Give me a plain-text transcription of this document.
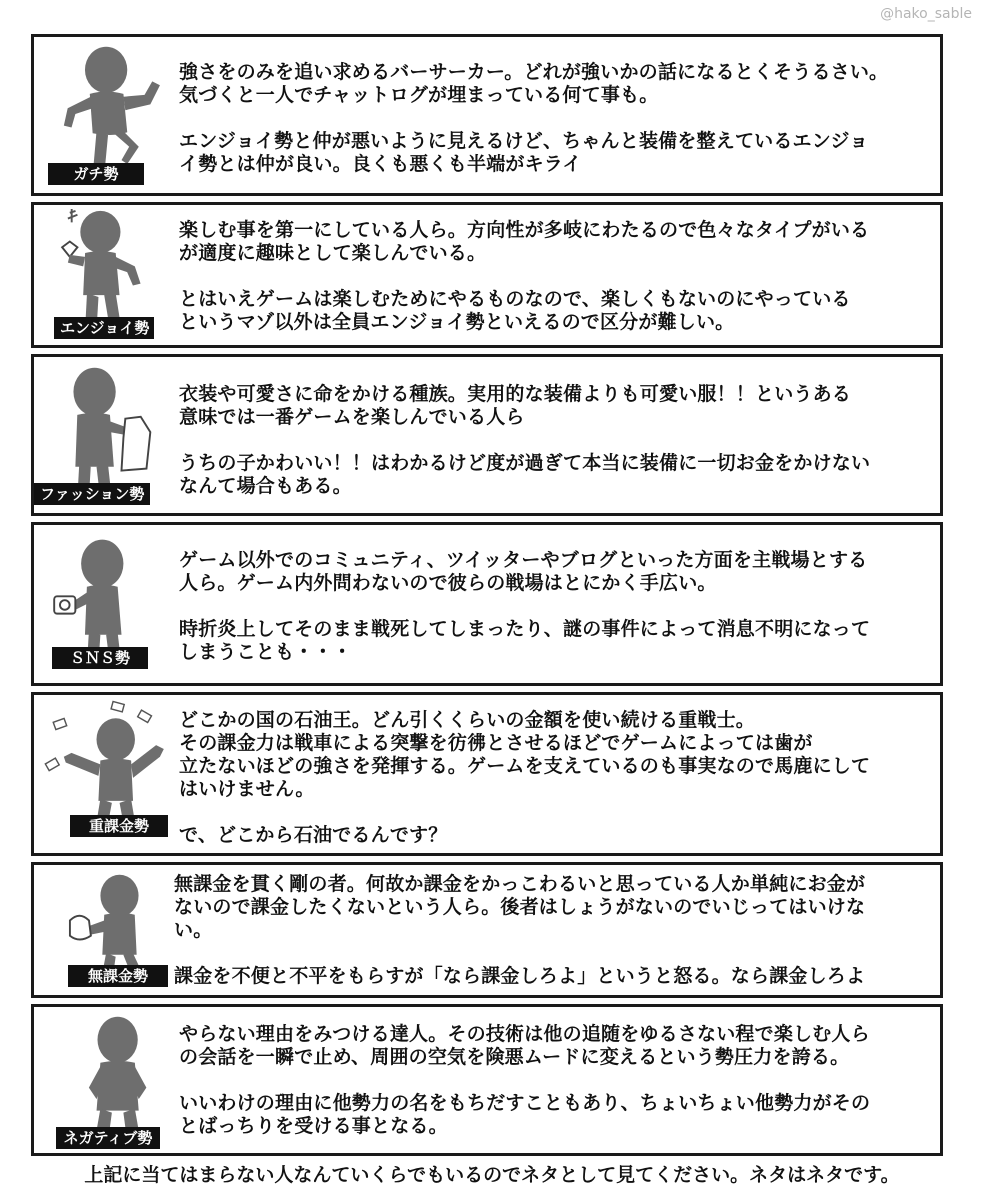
@hako_sable
ガチ勢

強さをのみを追い求めるバーサーカー。どれが強いかの話になるとくそうるさい。
気づくと一人でチャットログが埋まっている何て事も。

エンジョイ勢と仲が悪いように見えるけど、ちゃんと装備を整えているエンジョ
イ勢とは仲が良い。良くも悪くも半端がキライ

エンジョイ勢

楽しむ事を第一にしている人ら。方向性が多岐にわたるので色々なタイプがいる
が適度に趣味として楽しんでいる。

とはいえゲームは楽しむためにやるものなので、楽しくもないのにやっている
というマゾ以外は全員エンジョイ勢といえるので区分が難しい。

ファッション勢

衣装や可愛さに命をかける種族。実用的な装備よりも可愛い服！！というある
意味では一番ゲームを楽しんでいる人ら

うちの子かわいい！！はわかるけど度が過ぎて本当に装備に一切お金をかけない
なんて場合もある。

ＳＮＳ勢

ゲーム以外でのコミュニティ、ツイッターやブログといった方面を主戦場とする
人ら。ゲーム内外問わないので彼らの戦場はとにかく手広い。

時折炎上してそのまま戦死してしまったり、謎の事件によって消息不明になって
しまうことも・・・

重課金勢

どこかの国の石油王。どん引くくらいの金額を使い続ける重戦士。
その課金力は戦車による突撃を彷彿とさせるほどでゲームによっては歯が
立たないほどの強さを発揮する。ゲームを支えているのも事実なので馬鹿にして
はいけません。

で、どこから石油でるんです？

無課金勢

無課金を貫く剛の者。何故か課金をかっこわるいと思っている人か単純にお金が
ないので課金したくないという人ら。後者はしょうがないのでいじってはいけな
い。

課金を不便と不平をもらすが「なら課金しろよ」というと怒る。なら課金しろよ

ネガティブ勢

やらない理由をみつける達人。その技術は他の追随をゆるさない程で楽しむ人ら
の会話を一瞬で止め、周囲の空気を険悪ムードに変えるという勢圧力を誇る。

いいわけの理由に他勢力の名をもちだすこともあり、ちょいちょい他勢力がその
とばっちりを受ける事となる。

上記に当てはまらない人なんていくらでもいるのでネタとして見てください。ネタはネタです。
